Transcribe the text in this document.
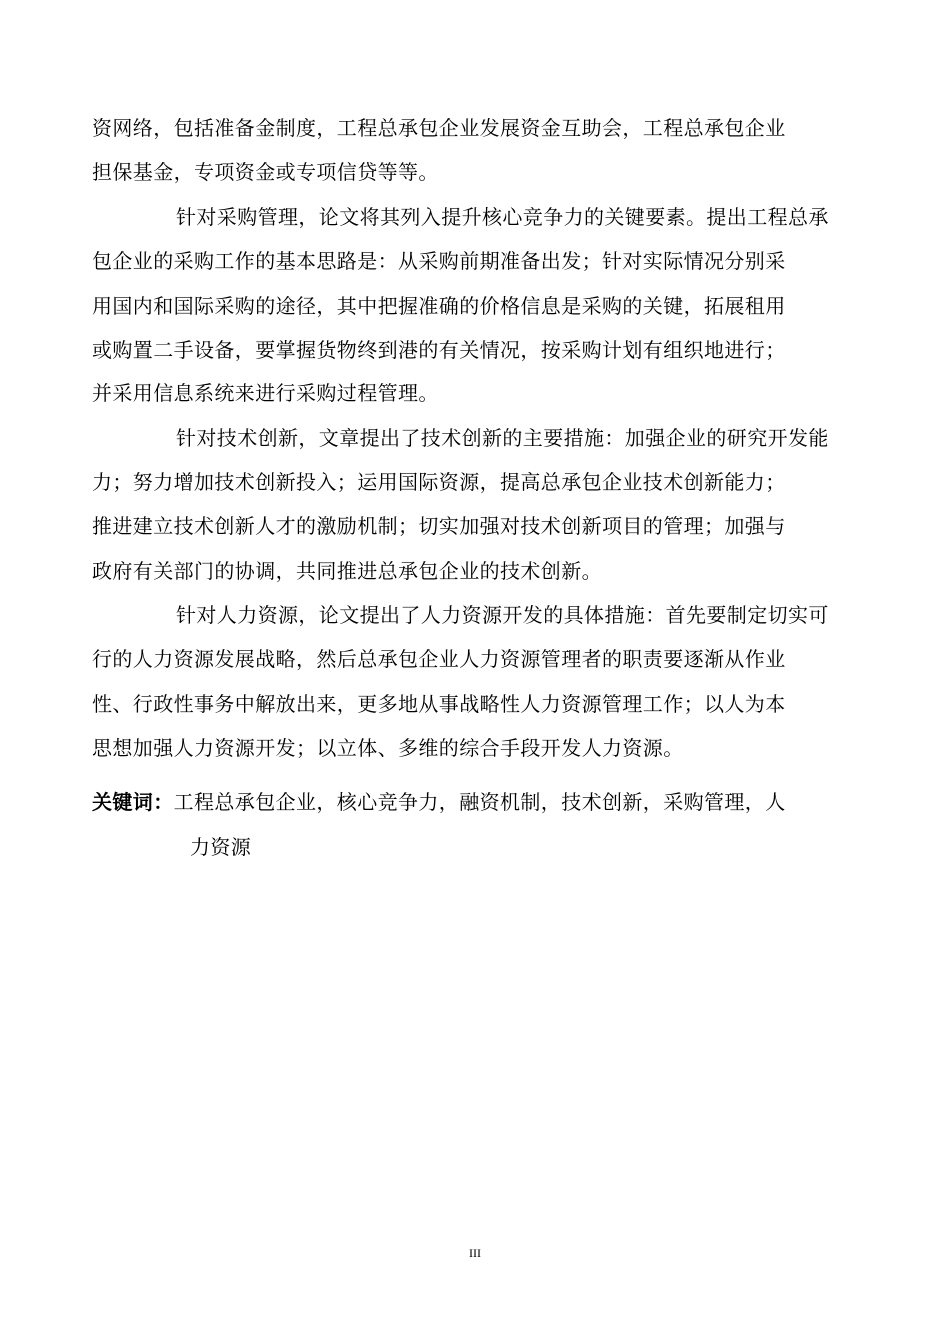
资网络，包括准备金制度，工程总承包企业发展资金互助会，工程总承包企业
担保基金，专项资金或专项信贷等等。
针对采购管理，论文将其列入提升核心竞争力的关键要素。提出工程总承
包企业的采购工作的基本思路是：从采购前期准备出发；针对实际情况分别采
用国内和国际采购的途径，其中把握准确的价格信息是采购的关键，拓展租用
或购置二手设备，要掌握货物终到港的有关情况，按采购计划有组织地进行；
并采用信息系统来进行采购过程管理。
针对技术创新，文章提出了技术创新的主要措施：加强企业的研究开发能
力；努力增加技术创新投入；运用国际资源，提高总承包企业技术创新能力；
推进建立技术创新人才的激励机制；切实加强对技术创新项目的管理；加强与
政府有关部门的协调，共同推进总承包企业的技术创新。
针对人力资源，论文提出了人力资源开发的具体措施：首先要制定切实可
行的人力资源发展战略，然后总承包企业人力资源管理者的职责要逐渐从作业
性、行政性事务中解放出来，更多地从事战略性人力资源管理工作；以人为本
思想加强人力资源开发；以立体、多维的综合手段开发人力资源。
关键词：工程总承包企业，核心竞争力，融资机制，技术创新，采购管理，人
力资源
III
